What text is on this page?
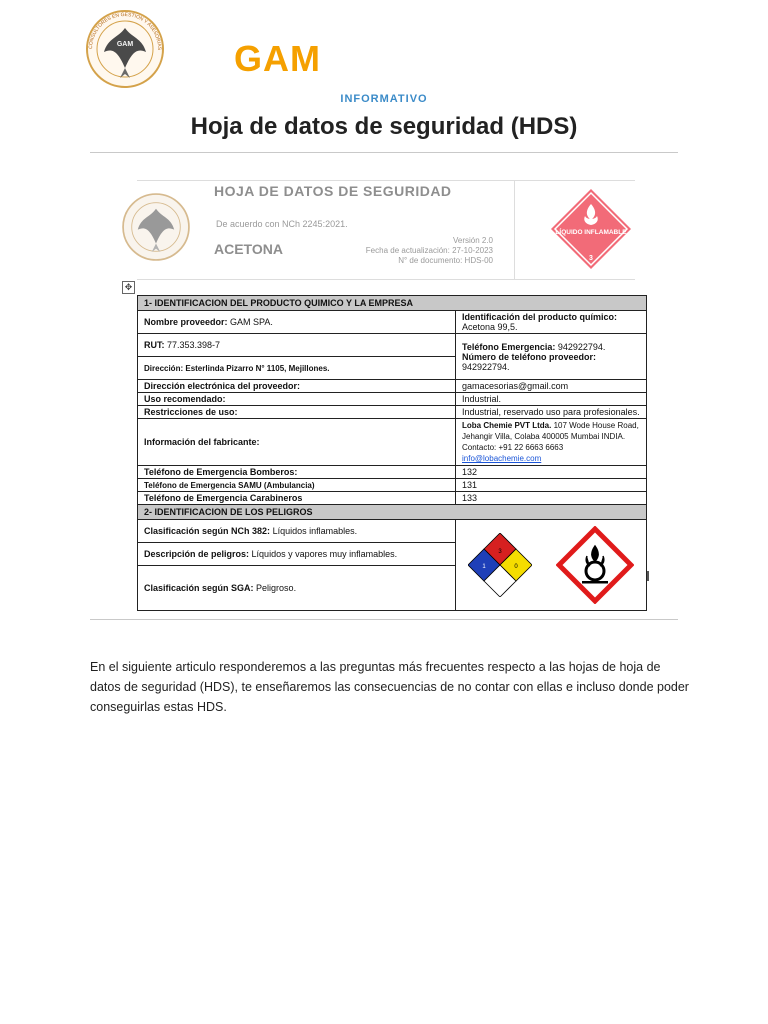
CONSULTORES EN GESTION Y ASESORIAS
GAM	GAM
INFORMATIVO
Hoja de datos de seguridad (HDS)
HOJA DE DATOS DE SEGURIDAD
De acuerdo con NCh 2245:2021.
ACETONA
Versión 2.0
Fecha de actualización: 27-10-2023
N° de documento: HDS-00
LÍQUIDO INFLAMABLE
3
✥
1- IDENTIFICACION DEL PRODUCTO QUIMICO Y LA EMPRESA	
Nombre proveedor: GAM SPA.	Identificación del producto químico: Acetona 99,5.
RUT: 77.353.398-7	Teléfono Emergencia: 942922794.
Número de teléfono proveedor: 942922794.

Dirección: Esterlinda Pizarro N° 1105, Mejillones.	
Dirección electrónica del proveedor:	gamacesorias@gmail.com
Uso recomendado:	Industrial.
Restricciones de uso:	Industrial, reservado uso para profesionales.
Información del fabricante:	Loba Chemie PVT Ltda. 107 Wode House Road, Jehangir Villa, Colaba 400005 Mumbai INDIA. Contacto: +91 22 6663 6663
info@lobachemie.com
Teléfono de Emergencia Bomberos:	132
Teléfono de Emergencia SAMU (Ambulancia)	131
Teléfono de Emergencia Carabineros	133
2- IDENTIFICACION DE LOS PELIGROS	
Clasificación según NCh 382: Líquidos inflamables.	3
1 0

Descripción de peligros: Líquidos y vapores muy inflamables.	
Clasificación según SGA: Peligroso.	
En el siguiente articulo responderemos a las preguntas más frecuentes respecto a las hojas de hoja de datos de seguridad (HDS), te enseñaremos las consecuencias de no contar con ellas e incluso donde poder conseguirlas estas HDS.
